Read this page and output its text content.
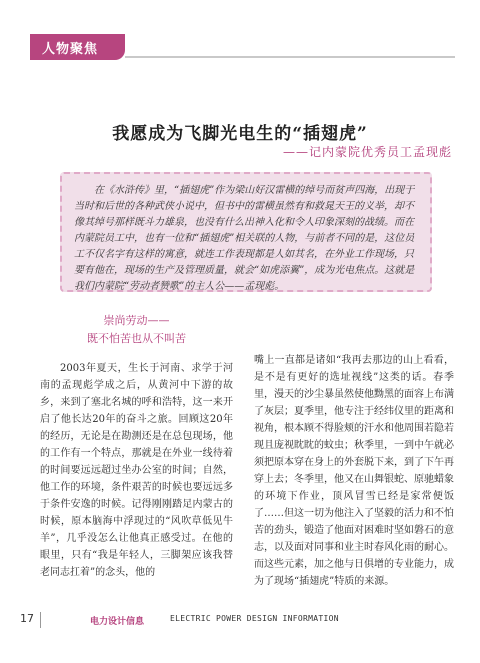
人物聚焦
我愿成为飞脚光电生的“插翅虎”
——记内蒙院优秀员工孟现彪

在《水浒传》里，“插翅虎”作为梁山好汉雷横的绰号而贫声四海，出现于当时和后世的各种武侠小说中，但书中的雷横虽然有和救晁天王的义举，却不像其绰号那样既斗力雄泉，也没有什么出神入化和令人印象深刻的战绩。而在内蒙院员工中，也有一位和“插翅虎”相关联的人物，与前者不同的是，这位员工不仅名字有这样的寓意，就连工作表现都是人如其名，在外业工作现场，只要有他在，现场的生产及管理质量，就会“如虎添翼”，成为光电焦点。这就是我们内蒙院“劳动者赞歌”的主人公——孟现彪。

崇尚劳动——
既不怕苦也从不叫苦

2003年夏天，生长于河南、求学于河南的孟现彪学成之后，从黄河中下游的故乡，来到了塞北名城的呼和浩特，这一来开启了他长达20年的奋斗之旅。回顾这20年的经历，无论是在勘测还是在总包现场，他的工作有一个特点，那就是在外业一线待着的时间要远远超过坐办公室的时间；自然，他工作的环境，条件艰苦的时候也要远远多于条件安逸的时候。记得刚刚踏足内蒙古的时候，原本脑海中浮现过的“风吹草低见牛羊”，几乎没怎么让他真正感受过。在他的眼里，只有“我是年轻人，三脚架应该我替老同志扛着”的念头，他的

嘴上一直都是诸如“我再去那边的山上看看，是不是有更好的选址视线”这类的话。春季里，漫天的沙尘暴虽然使他黝黑的面容上布满了灰层；夏季里，他专注于经纬仪里的距离和视角，根本顾不得脸颊的汗水和他周围若隐若现且庞视眈眈的蚊虫；秋季里，一到中午就必须把原本穿在身上的外套脱下来，到了下午再穿上去；冬季里，他又在山舞银蛇、原驰蜡象的环境下作业，顶风冒雪已经是家常便饭了……但这一切为他注入了坚毅的活力和不怕苦的劲头，锻造了他面对困难时坚如磐石的意志，以及面对同事和业主时春风化雨的耐心。而这些元素，加之他与日俱增的专业能力，成为了现场“插翅虎”特质的来源。

17	电力设计信息	ELECTRIC POWER DESIGN INFORMATION
